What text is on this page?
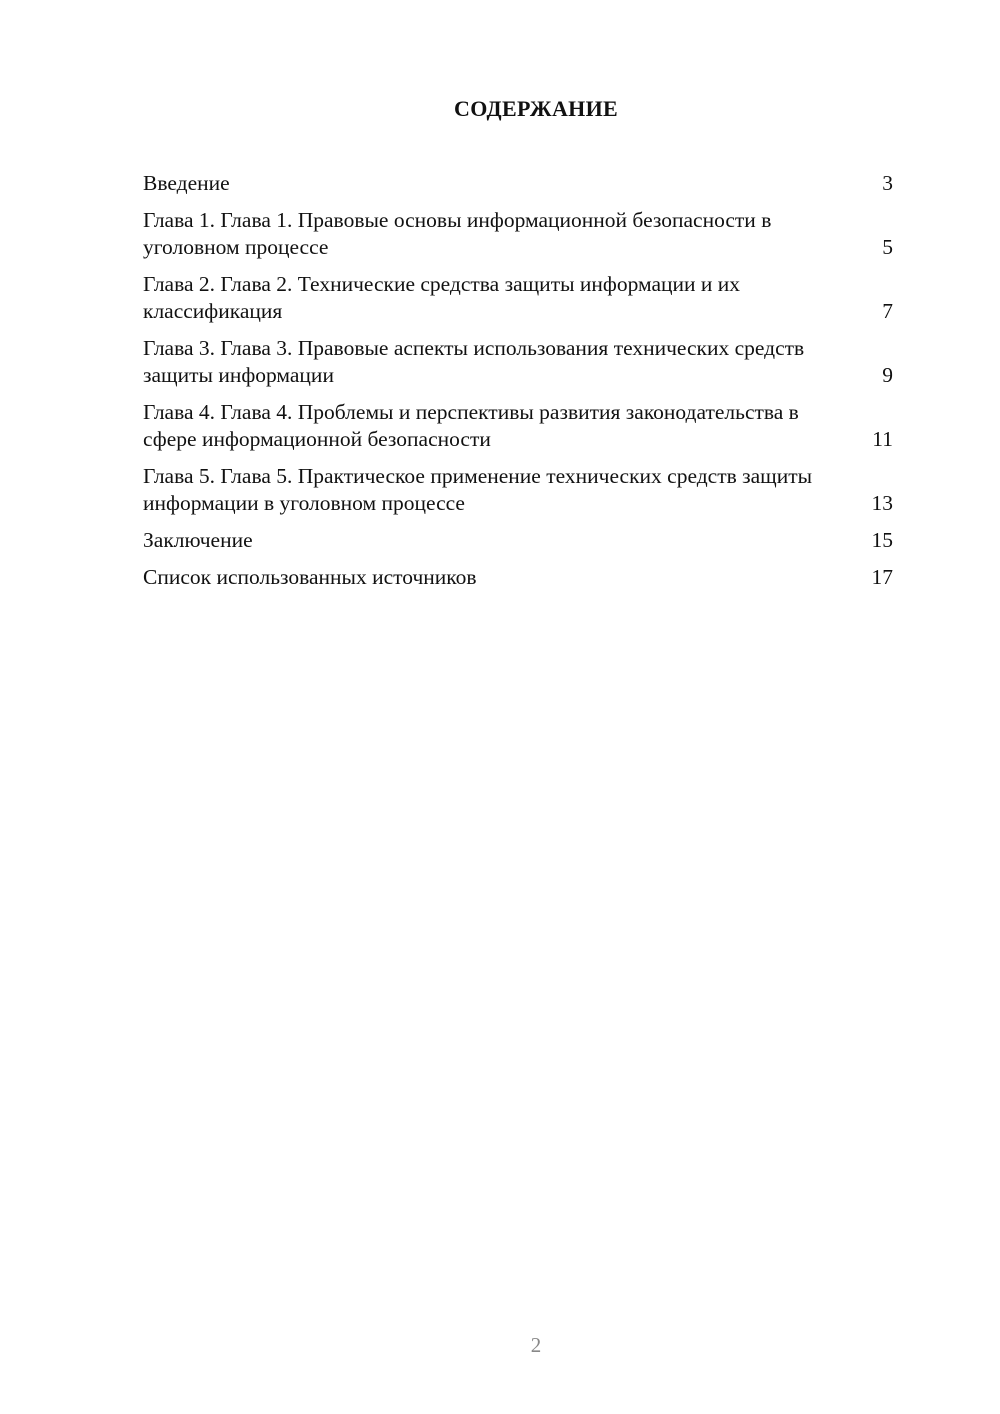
СОДЕРЖАНИЕ
Введение	3
Глава 1. Глава 1. Правовые основы информационной безопасности в уголовном процессе	5
Глава 2. Глава 2. Технические средства защиты информации и их классификация	7
Глава 3. Глава 3. Правовые аспекты использования технических средств защиты информации	9
Глава 4. Глава 4. Проблемы и перспективы развития законодательства в сфере информационной безопасности	11
Глава 5. Глава 5. Практическое применение технических средств защиты информации в уголовном процессе	13
Заключение	15
Список использованных источников	17
2
